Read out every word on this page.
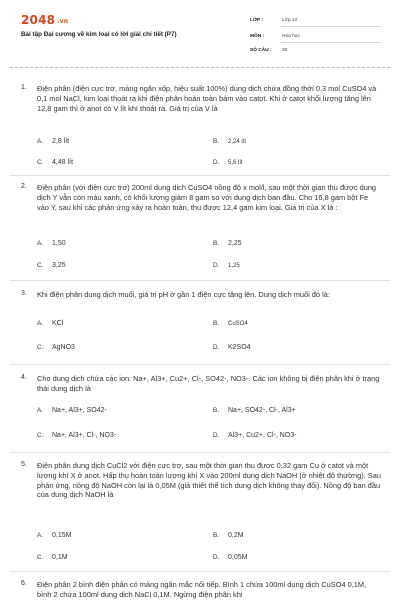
2048 .vn
Bài tập Đại cương về kim loại có lời giải chi tiết (P7)
LỚP :	Lớp 12
MÔN :	Hóa học
SỐ CÂU : 30
1. Điện phân (điện cực trơ, màng ngăn xốp, hiệu suất 100%) dung dịch chứa đồng thời 0,3 mol CuSO4 và 0,1 mol NaCl, kim loại thoát ra khi điện phân hoàn toàn bám vào catot. Khi ở catot khối lượng tăng lên 12,8 gam thì ở anot có V lít khí thoát ra. Giá trị của V là
A. 2,8 lít	B. 2,24 lít
C. 4,48 lít	D. 5,6 lít
2. Điện phân (với điện cực trơ) 200ml dung dịch CuSO4 nồng độ x mol/l, sau một thời gian thu được dung dịch Y vẫn còn màu xanh, có khối lượng giảm 8 gam so với dung dịch ban đầu. Cho 16,8 gam bột Fe vào Y, sau khi các phản ứng xảy ra hoàn toàn, thu được 12,4 gam kim loại. Giá trị của X là :
A. 1,50	B. 2,25
C. 3,25	D. 1,25
3. Khi điện phân dung dịch muối, giá trị pH ở gần 1 điện cực tăng lên. Dung dịch muối đó là:
A. KCl	B. CuSO4
C. AgNO3	D. K2SO4
4. Cho dung dịch chứa các ion: Na+, Al3+, Cu2+, Cl-, SO42-, NO3-. Các ion không bị điện phân khi ở trạng thái dung dịch là
A. Na+, Al3+, SO42-	B. Na+, SO42-, Cl-, Al3+
C. Na+, Al3+, Cl-, NO3-	D. Al3+, Cu2+, Cl-, NO3-
5. Điện phân dung dịch CuCl2 với điện cực trơ, sau một thời gian thu được 0,32 gam Cu ở catot và một lượng khí X ở anot. Hấp thụ hoàn toàn lượng khí X vào 200ml dung dịch NaOH (ở nhiệt độ thường). Sau phản ứng, nồng độ NaOH còn lại là 0,05M (giả thiết thể tích dung dịch không thay đổi). Nồng độ ban đầu của dung dịch NaOH là
A. 0,15M	B. 0,2M
C. 0,1M	D. 0,05M
6. Điện phân 2 bình điện phân có màng ngăn mắc nối tiếp. Bình 1 chứa 100ml dung dịch CuSO4 0,1M, bình 2 chứa 100ml dung dịch NaCl 0,1M. Ngừng điện phân khi
